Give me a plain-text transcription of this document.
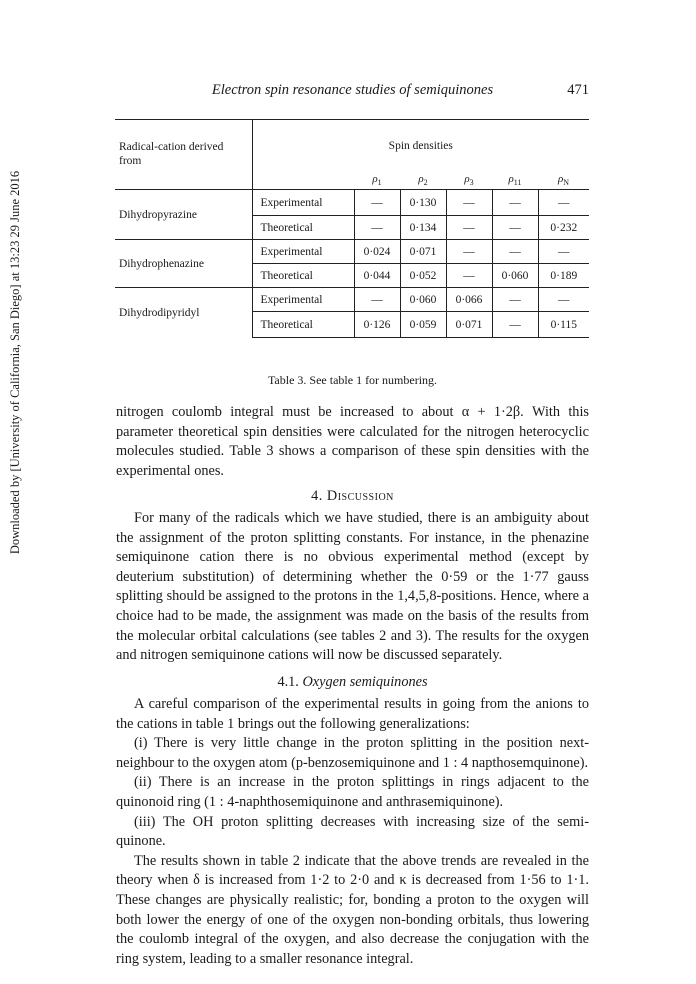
Downloaded by [University of California, San Diego] at 13:23 29 June 2016
Electron spin resonance studies of semiquinones	471
Radical-cation derived from	Spin densities					
		$\rho_1$	$\rho_2$	$\rho_3$	$\rho_{11}$	$\rho_N$
Dihydropyrazine	Experimental	—	0·130	—	—	—
	Theoretical	—	0·134	—	—	0·232
Dihydrophenazine	Experimental	0·024	0·071	—	—	—
	Theoretical	0·044	0·052	—	0·060	0·189
Dihydrodipyridyl	Experimental	—	0·060	0·066	—	—
	Theoretical	0·126	0·059	0·071	—	0·115
Table 3. See table 1 for numbering.

nitrogen coulomb integral must be increased to about α + 1·2β. With this parameter theoretical spin densities were calculated for the nitrogen heterocyclic molecules studied. Table 3 shows a comparison of these spin densities with the experimental ones.

4. Discussion

For many of the radicals which we have studied, there is an ambiguity about the assignment of the proton splitting constants. For instance, in the phenazine semiquinone cation there is no obvious experimental method (except by deuterium substitution) of determining whether the 0·59 or the 1·77 gauss splitting should be assigned to the protons in the 1,4,5,8-positions. Hence, where a choice had to be made, the assignment was made on the basis of the results from the molecular orbital calculations (see tables 2 and 3). The results for the oxygen and nitrogen semiquinone cations will now be discussed separately.

4.1. Oxygen semiquinones

A careful comparison of the experimental results in going from the anions to the cations in table 1 brings out the following generalizations:

(i) There is very little change in the proton splitting in the position next-neighbour to the oxygen atom (p-benzosemiquinone and 1 : 4 napthosemquinone).

(ii) There is an increase in the proton splittings in rings adjacent to the quinonoid ring (1 : 4-naphthosemiquinone and anthrasemiquinone).

(iii) The OH proton splitting decreases with increasing size of the semi-quinone.

The results shown in table 2 indicate that the above trends are revealed in the theory when δ is increased from 1·2 to 2·0 and κ is decreased from 1·56 to 1·1. These changes are physically realistic; for, bonding a proton to the oxygen will both lower the energy of one of the oxygen non-bonding orbitals, thus lowering the coulomb integral of the oxygen, and also decrease the conjugation with the ring system, leading to a smaller resonance integral.
